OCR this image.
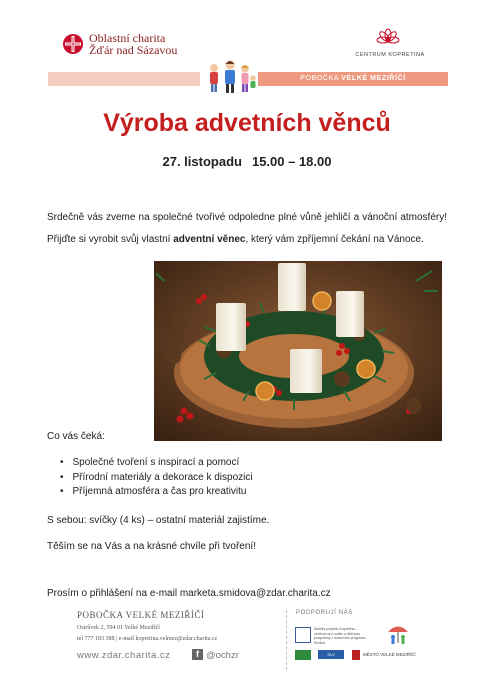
Oblastní charita
Žďár nad Sázavou	CENTRUM KOPRETINA
POBOČKA VELKÉ MEZIŘÍČÍ
Výroba advetních věnců
27. listopadu 15.00 – 18.00
Srdečně vás zveme na společné tvořivé odpoledne plné vůně jehličí a vánoční atmosféry! Přijďte si vyrobit svůj vlastní adventní věnec, který vám zpříjemní čekání na Vánoce.
Co vás čeká:
• Společné tvoření s inspirací a pomocí
• Přírodní materiály a dekorace k dispozici
• Příjemná atmosféra a čas pro kreativitu
S sebou: svíčky (4 ks) – ostatní materiál zajistíme.
Těším se na Vás a na krásné chvíle při tvoření!
Prosím o přihlášení na e-mail marketa.smidova@zdar.charita.cz
POBOČKA VELKÉ MEZIŘÍČÍ
Ostrůvek 2, 594 01 Velké Meziříčí
tel 777 183 388 | e-mail kopretina.velmez@zdar.charita.cz
www.zdar.charita.cz	f @ochzr
PODPORUJÍ NÁS
Aktivity projektu Kopretina – centrum pro rodiče a děti jsou podpořeny z dotačního programu Rodina
SVJ REGIONU
MĚSTO VELKÉ MEZIŘÍČÍ
